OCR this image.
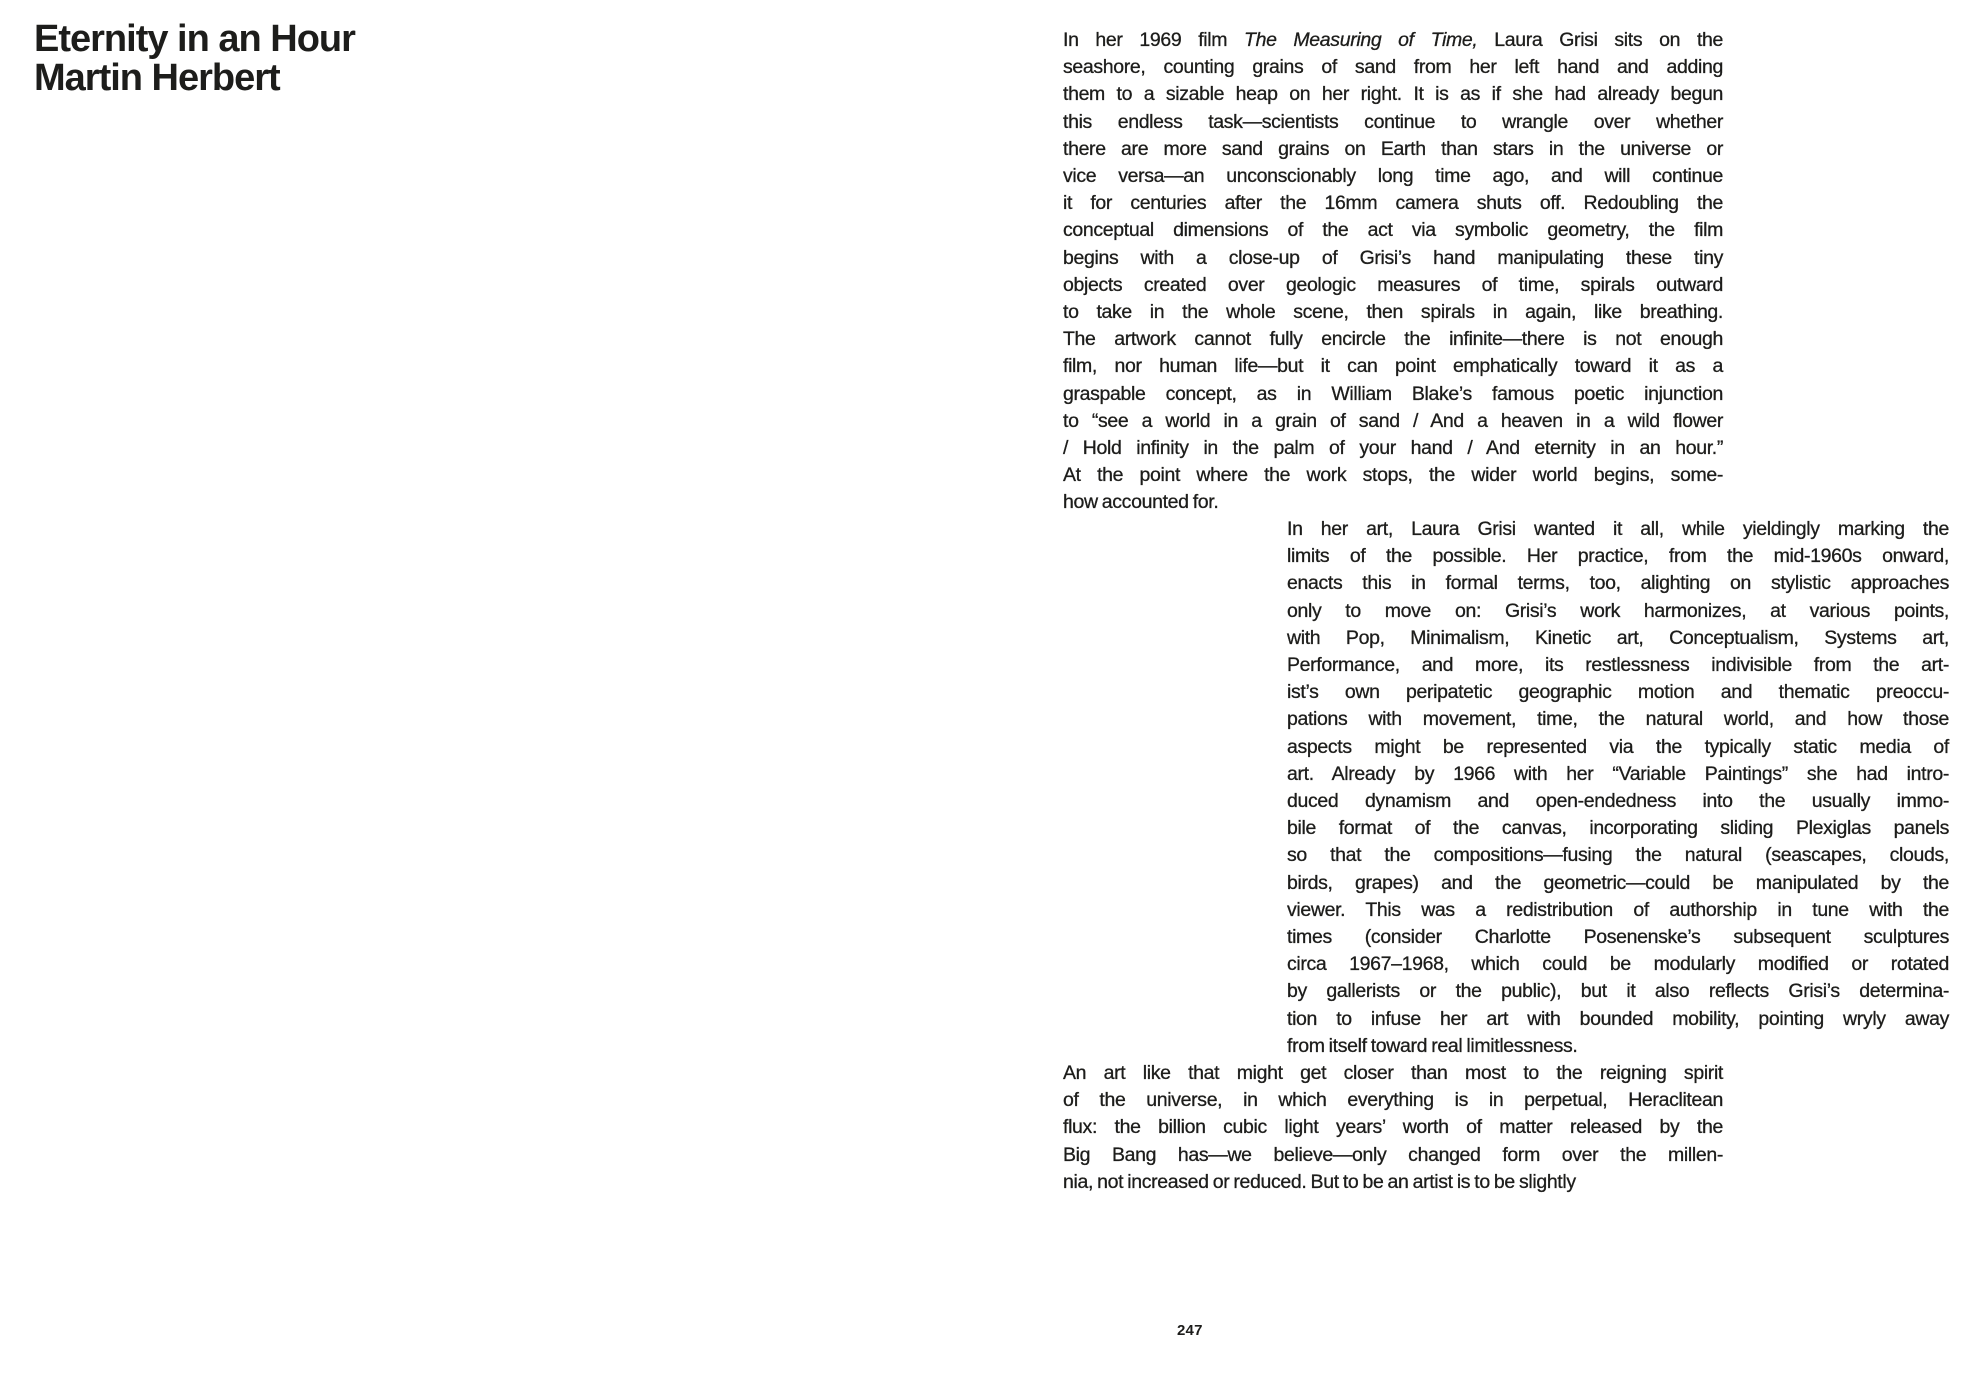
Eternity in an Hour
Martin Herbert
In her 1969 film The Measuring of Time, Laura Grisi sits on the
seashore, counting grains of sand from her left hand and adding
them to a sizable heap on her right. It is as if she had already begun
this endless task—scientists continue to wrangle over whether
there are more sand grains on Earth than stars in the universe or
vice versa—an unconscionably long time ago, and will continue
it for centuries after the 16mm camera shuts off. Redoubling the
conceptual dimensions of the act via symbolic geometry, the film
begins with a close-up of Grisi’s hand manipulating these tiny
objects created over geologic measures of time, spirals outward
to take in the whole scene, then spirals in again, like breathing.
The artwork cannot fully encircle the infinite—there is not enough
film, nor human life—but it can point emphatically toward it as a
graspable concept, as in William Blake’s famous poetic injunction
to “see a world in a grain of sand / And a heaven in a wild flower
/ Hold infinity in the palm of your hand / And eternity in an hour.”
At the point where the work stops, the wider world begins, some-
how accounted for.
In her art, Laura Grisi wanted it all, while yieldingly marking the
limits of the possible. Her practice, from the mid-1960s onward,
enacts this in formal terms, too, alighting on stylistic approaches
only to move on: Grisi’s work harmonizes, at various points,
with Pop, Minimalism, Kinetic art, Conceptualism, Systems art,
Performance, and more, its restlessness indivisible from the art-
ist’s own peripatetic geographic motion and thematic preoccu-
pations with movement, time, the natural world, and how those
aspects might be represented via the typically static media of
art. Already by 1966 with her “Variable Paintings” she had intro-
duced dynamism and open-endedness into the usually immo-
bile format of the canvas, incorporating sliding Plexiglas panels
so that the compositions—fusing the natural (seascapes, clouds,
birds, grapes) and the geometric—could be manipulated by the
viewer. This was a redistribution of authorship in tune with the
times (consider Charlotte Posenenske’s subsequent sculptures
circa 1967–1968, which could be modularly modified or rotated
by gallerists or the public), but it also reflects Grisi’s determina-
tion to infuse her art with bounded mobility, pointing wryly away
from itself toward real limitlessness.
An art like that might get closer than most to the reigning spirit
of the universe, in which everything is in perpetual, Heraclitean
flux: the billion cubic light years’ worth of matter released by the
Big Bang has—we believe—only changed form over the millen-
nia, not increased or reduced. But to be an artist is to be slightly
247
